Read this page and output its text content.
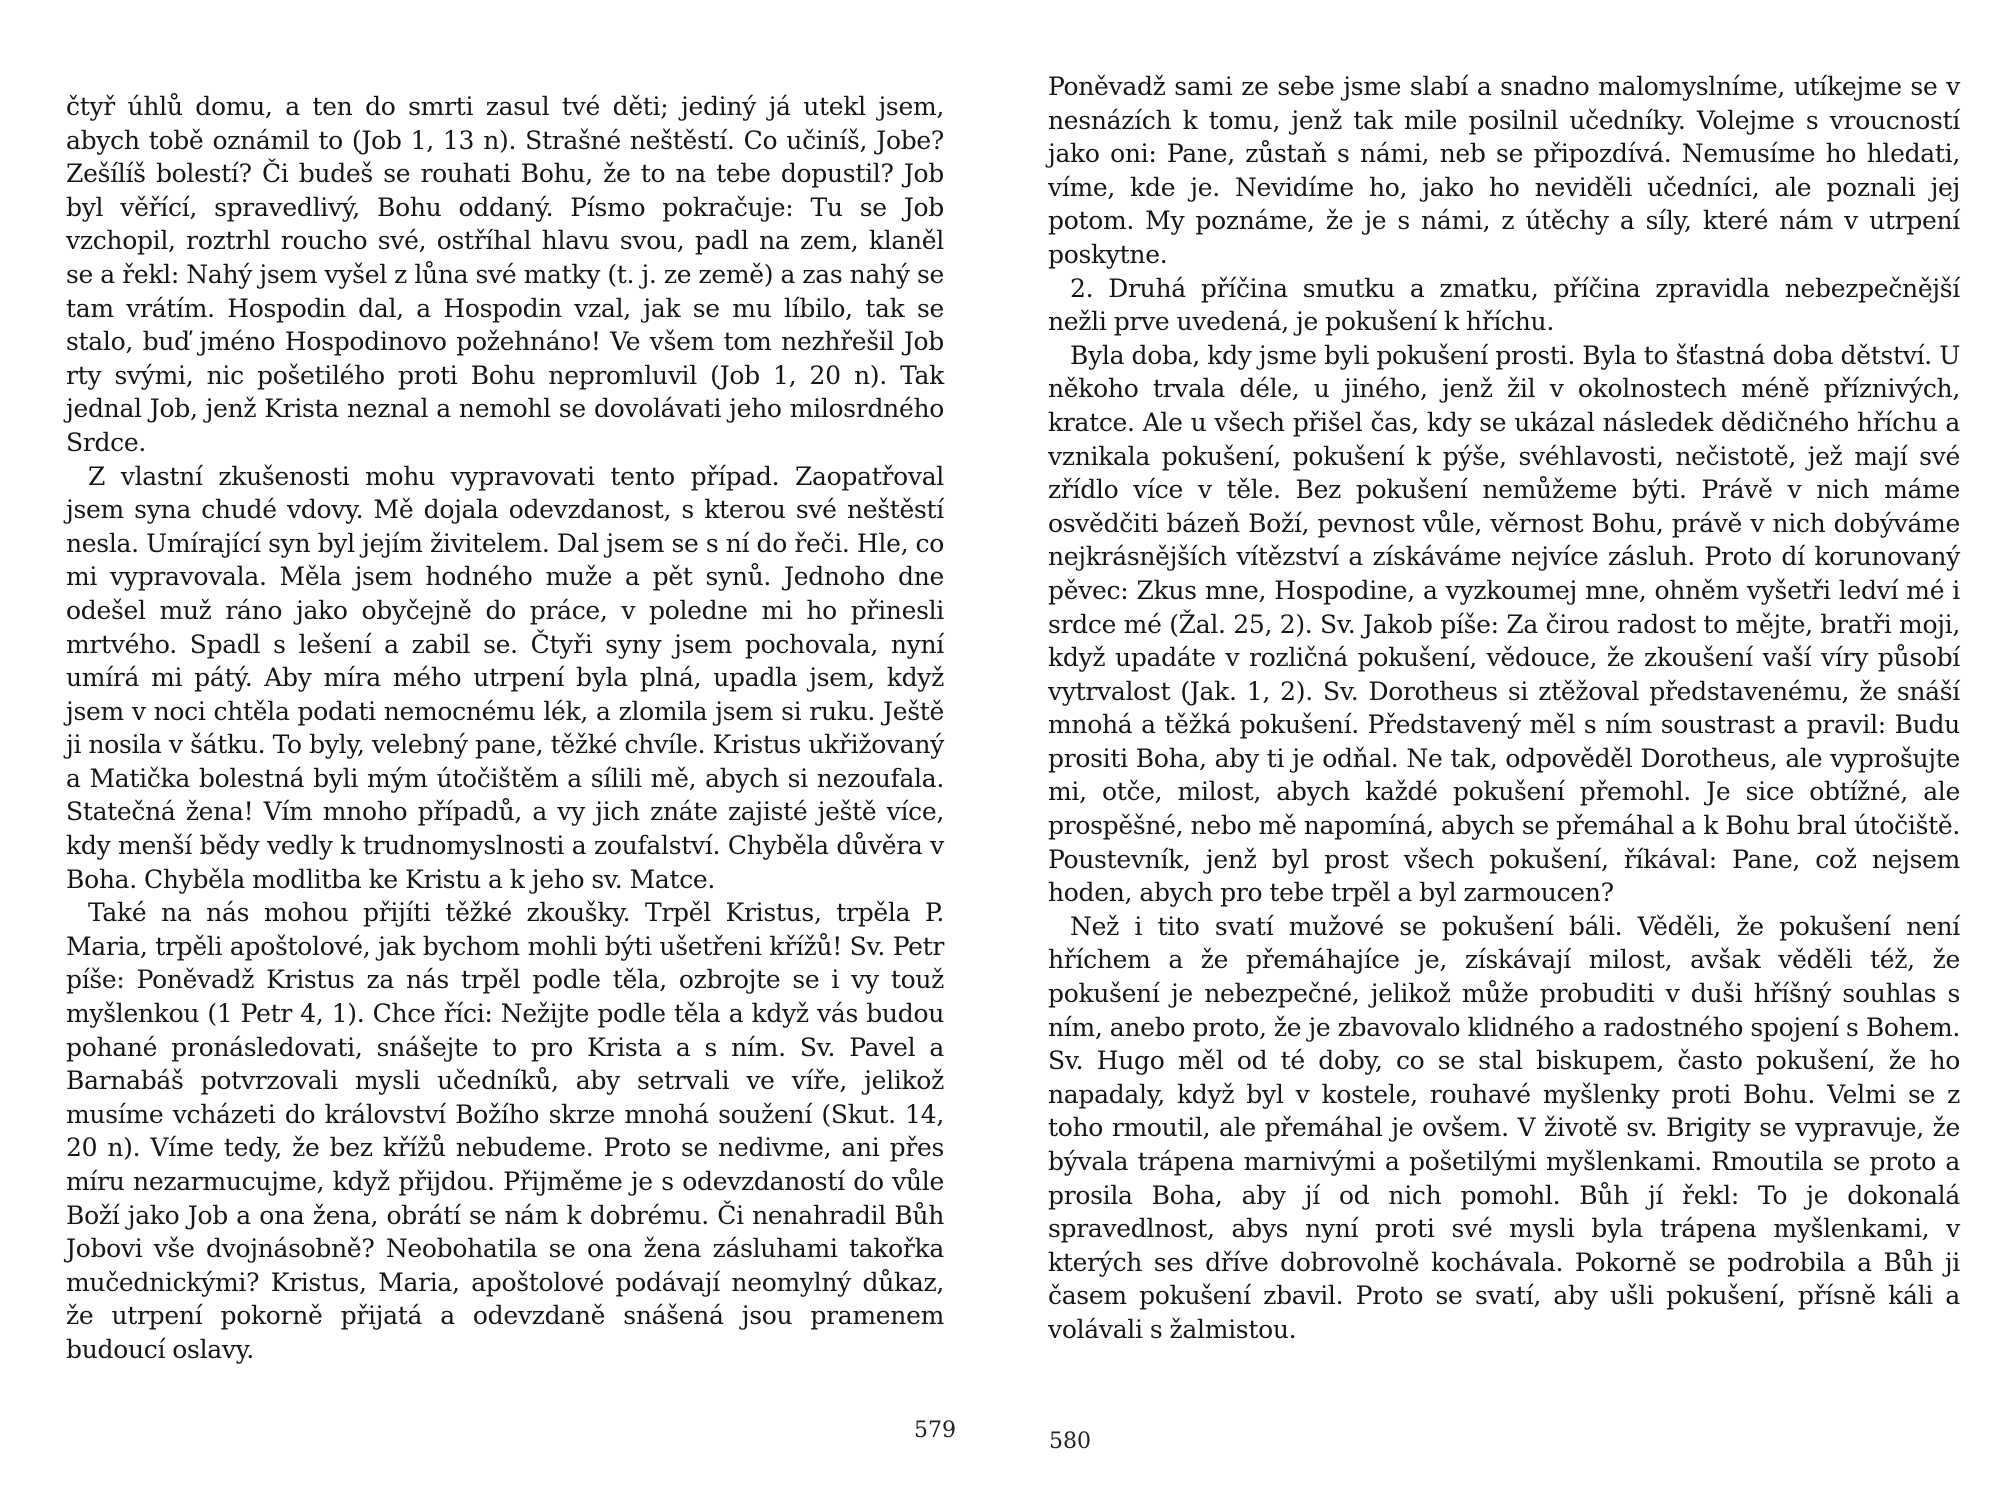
čtyř úhlů domu, a ten do smrti zasul tvé děti; jediný já utekl jsem, abych tobě oznámil to (Job 1, 13 n). Strašné neštěstí. Co učiníš, Jobe? Zešílíš bolestí? Či budeš se rouhati Bohu, že to na tebe dopustil? Job byl věřící, spravedlivý, Bohu oddaný. Písmo pokračuje: Tu se Job vzchopil, roztrhl roucho své, ostříhal hlavu svou, padl na zem, klaněl se a řekl: Nahý jsem vyšel z lůna své matky (t. j. ze země) a zas nahý se tam vrátím. Hospodin dal, a Hospodin vzal, jak se mu líbilo, tak se stalo, buď jméno Hospodinovo požehnáno! Ve všem tom nezhřešil Job rty svými, nic pošetilého proti Bohu nepromluvil (Job 1, 20 n). Tak jednal Job, jenž Krista neznal a nemohl se dovolávati jeho milosrdného Srdce.

Z vlastní zkušenosti mohu vypravovati tento případ. Zaopatřoval jsem syna chudé vdovy. Mě dojala odevzdanost, s kterou své neštěstí nesla. Umírající syn byl jejím živitelem. Dal jsem se s ní do řeči. Hle, co mi vypravovala. Měla jsem hodného muže a pět synů. Jednoho dne odešel muž ráno jako obyčejně do práce, v poledne mi ho přinesli mrtvého. Spadl s lešení a zabil se. Čtyři syny jsem pochovala, nyní umírá mi pátý. Aby míra mého utrpení byla plná, upadla jsem, když jsem v noci chtěla podati nemocnému lék, a zlomila jsem si ruku. Ještě ji nosila v šátku. To byly, velebný pane, těžké chvíle. Kristus ukřižovaný a Matička bolestná byli mým útočištěm a sílili mě, abych si nezoufala. Statečná žena! Vím mnoho případů, a vy jich znáte zajisté ještě více, kdy menší bědy vedly k trudnomyslnosti a zoufalství. Chyběla důvěra v Boha. Chyběla modlitba ke Kristu a k jeho sv. Matce.

Také na nás mohou přijíti těžké zkoušky. Trpěl Kristus, trpěla P. Maria, trpěli apoštolové, jak bychom mohli býti ušetřeni křížů! Sv. Petr píše: Poněvadž Kristus za nás trpěl podle těla, ozbrojte se i vy touž myšlenkou (1 Petr 4, 1). Chce říci: Nežijte podle těla a když vás budou pohané pronásledovati, snášejte to pro Krista a s ním. Sv. Pavel a Barnabáš potvrzovali mysli učedníků, aby setrvali ve víře, jelikož musíme vcházeti do království Božího skrze mnohá soužení (Skut. 14, 20 n). Víme tedy, že bez křížů nebudeme. Proto se nedivme, ani přes míru nezarmucujme, když přijdou. Přijměme je s odevzdaností do vůle Boží jako Job a ona žena, obrátí se nám k dobrému. Či nenahradil Bůh Jobovi vše dvojnásobně? Neobohatila se ona žena zásluhami takořka mučednickými? Kristus, Maria, apoštolové podávají neomylný důkaz, že utrpení pokorně přijatá a odevzdaně snášená jsou pramenem budoucí oslavy.

579

Poněvadž sami ze sebe jsme slabí a snadno malomyslníme, utíkejme se v nesnázích k tomu, jenž tak mile posilnil učedníky. Volejme s vroucností jako oni: Pane, zůstaň s námi, neb se připozdívá. Nemusíme ho hledati, víme, kde je. Nevidíme ho, jako ho neviděli učedníci, ale poznali jej potom. My poznáme, že je s námi, z útěchy a síly, které nám v utrpení poskytne.

2. Druhá příčina smutku a zmatku, příčina zpravidla nebezpečnější nežli prve uvedená, je pokušení k hříchu.

Byla doba, kdy jsme byli pokušení prosti. Byla to šťastná doba dětství. U někoho trvala déle, u jiného, jenž žil v okolnostech méně příznivých, kratce. Ale u všech přišel čas, kdy se ukázal následek dědičného hříchu a vznikala pokušení, pokušení k pýše, svéhlavosti, nečistotě, jež mají své zřídlo více v těle. Bez pokušení nemůžeme býti. Právě v nich máme osvědčiti bázeň Boží, pevnost vůle, věrnost Bohu, právě v nich dobýváme nejkrásnějších vítězství a získáváme nejvíce zásluh. Proto dí korunovaný pěvec: Zkus mne, Hospodine, a vyzkoumej mne, ohněm vyšetři ledví mé i srdce mé (Žal. 25, 2). Sv. Jakob píše: Za čirou radost to mějte, bratři moji, když upadáte v rozličná pokušení, vědouce, že zkoušení vaší víry působí vytrvalost (Jak. 1, 2). Sv. Dorotheus si ztěžoval představenému, že snáší mnohá a těžká pokušení. Představený měl s ním soustrast a pravil: Budu prositi Boha, aby ti je odňal. Ne tak, odpověděl Dorotheus, ale vyprošujte mi, otče, milost, abych každé pokušení přemohl. Je sice obtížné, ale prospěšné, nebo mě napomíná, abych se přemáhal a k Bohu bral útočiště. Poustevník, jenž byl prost všech pokušení, říkával: Pane, což nejsem hoden, abych pro tebe trpěl a byl zarmoucen?

Než i tito svatí mužové se pokušení báli. Věděli, že pokušení není hříchem a že přemáhajíce je, získávají milost, avšak věděli též, že pokušení je nebezpečné, jelikož může probuditi v duši hříšný souhlas s ním, anebo proto, že je zbavovalo klidného a radostného spojení s Bohem. Sv. Hugo měl od té doby, co se stal biskupem, často pokušení, že ho napadaly, když byl v kostele, rouhavé myšlenky proti Bohu. Velmi se z toho rmoutil, ale přemáhal je ovšem. V životě sv. Brigity se vypravuje, že bývala trápena marnivými a pošetilými myšlenkami. Rmoutila se proto a prosila Boha, aby jí od nich pomohl. Bůh jí řekl: To je dokonalá spravedlnost, abys nyní proti své mysli byla trápena myšlenkami, v kterých ses dříve dobrovolně kochávala. Pokorně se podrobila a Bůh ji časem pokušení zbavil. Proto se svatí, aby ušli pokušení, přísně káli a volávali s žalmistou.

580
